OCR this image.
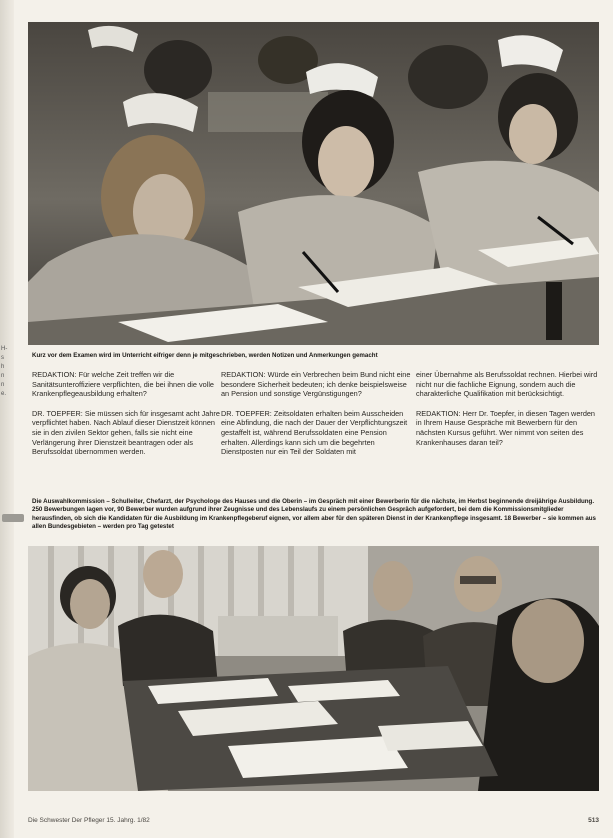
H-
s
h
n
n
e.

Kurz vor dem Examen wird im Unterricht eifriger denn je mitgeschrieben, werden Notizen und Anmerkungen gemacht

REDAKTION: Für welche Zeit treffen wir die Sanitätsunteroffiziere verpflichten, die bei ihnen die volle Krankenpflegeausbildung erhalten?

DR. TOEPFER: Sie müssen sich für insgesamt acht Jahre verpflichtet haben. Nach Ablauf dieser Dienstzeit können sie in den zivilen Sektor gehen, falls sie nicht eine Verlängerung ihrer Dienstzeit beantragen oder als Berufssoldat übernommen werden.

REDAKTION: Würde ein Verbrechen beim Bund nicht eine besondere Sicherheit bedeuten; ich denke beispielsweise an Pension und sonstige Vergünstigungen?

DR. TOEPFER: Zeitsoldaten erhalten beim Ausscheiden eine Abfindung, die nach der Dauer der Verpflichtungszeit gestaffelt ist, während Berufssoldaten eine Pension erhalten. Allerdings kann sich um die begehrten Dienstposten nur ein Teil der Soldaten mit

einer Übernahme als Berufssoldat rechnen. Hierbei wird nicht nur die fachliche Eignung, sondern auch die charakterliche Qualifikation mit berücksichtigt.

REDAKTION: Herr Dr. Toepfer, in diesen Tagen werden in Ihrem Hause Gespräche mit Bewerbern für den nächsten Kursus geführt. Wer nimmt von seiten des Krankenhauses daran teil?

Die Auswahlkommission – Schulleiter, Chefarzt, der Psychologe des Hauses und die Oberin – im Gespräch mit einer Bewerberin für die nächste, im Herbst beginnende dreijährige Ausbildung. 250 Bewerbungen lagen vor, 90 Bewerber wurden aufgrund ihrer Zeugnisse und des Lebenslaufs zu einem persönlichen Gespräch aufgefordert, bei dem die Kommissionsmitglieder herausfinden, ob sich die Kandidaten für die Ausbildung im Krankenpflegeberuf eignen, vor allem aber für den späteren Dienst in der Krankenpflege insgesamt. 18 Bewerber – sie kommen aus allen Bundesgebieten – werden pro Tag getestet

Die Schwester Der Pfleger 15. Jahrg. 1/82	513
